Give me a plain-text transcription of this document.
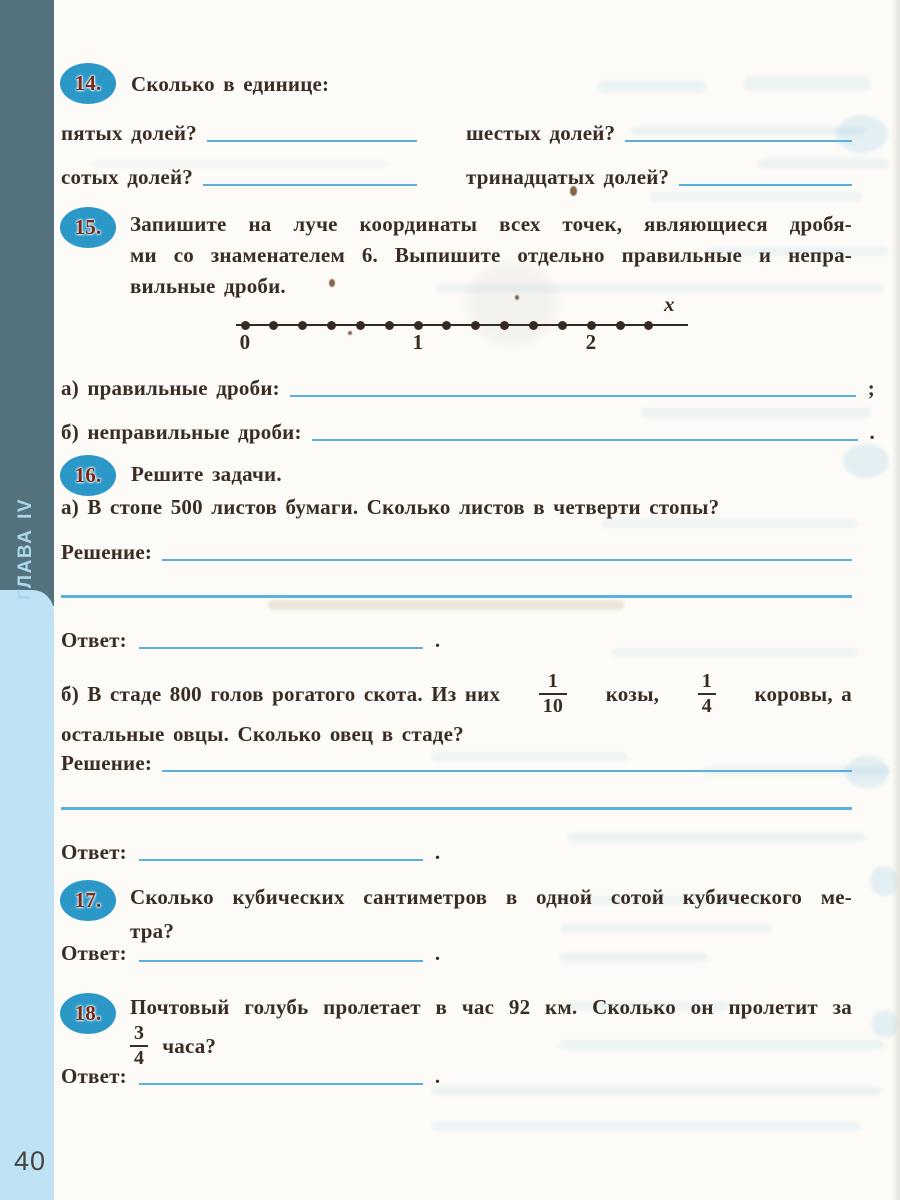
ГЛАВА IV
40
14.	Сколько в единице:
пятых долей?	шестых долей?
сотых долей?	тринадцатых долей?
15.	Запишите на луче координаты всех точек, являющиеся дробя-
ми со знаменателем 6. Выпишите отдельно правильные и непра-
вильные дроби.
x
0	1	2
а) правильные дроби:	;
б) неправильные дроби:	.
16.	Решите задачи.
а) В стопе 500 листов бумаги. Сколько листов в четверти стопы?
Решение:
Ответ:	.
б) В стаде 800 голов рогатого скота. Из них $\frac{1}{10}$ козы, $\frac{1}{4}$ коровы, а
остальные овцы. Сколько овец в стаде?
Решение:
Ответ:	.
17.	Сколько кубических сантиметров в одной сотой кубического ме-
тра?
Ответ:	.
18.	Почтовый голубь пролетает в час 92 км. Сколько он пролетит за
$\frac{3}{4}$ часа?
Ответ:	.
